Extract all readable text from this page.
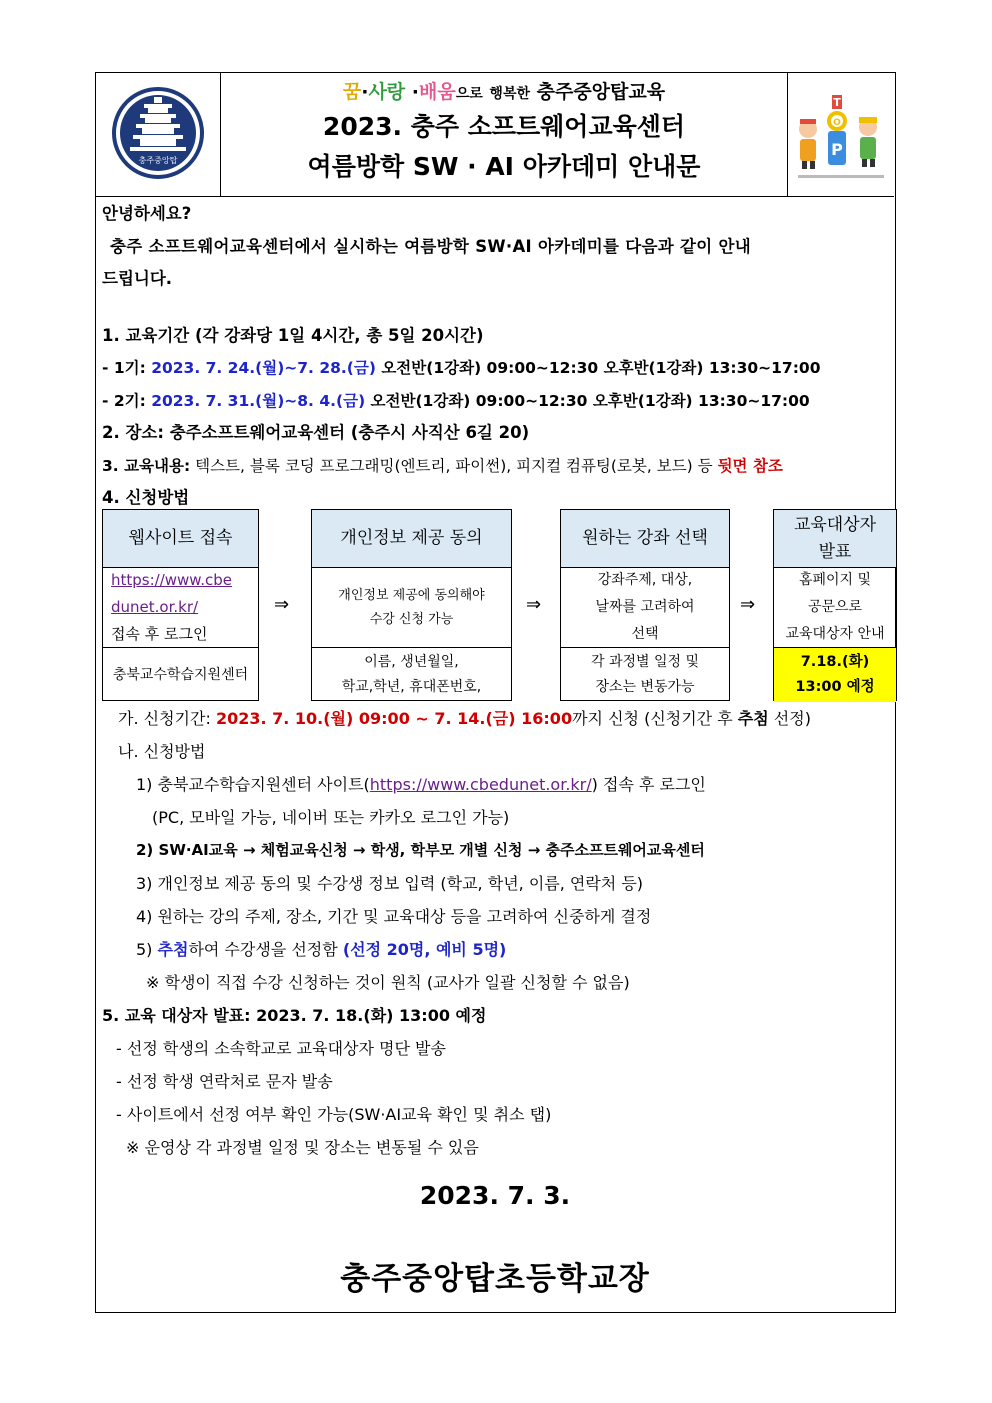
충주중앙탑
꿈·사랑 ·배움으로 행복한 충주중앙탑교육
2023. 충주 소프트웨어교육센터
여름방학 SW · AI 아카데미 안내문
T
O
P
안녕하세요?
충주 소프트웨어교육센터에서 실시하는 여름방학 SW·AI 아카데미를 다음과 같이 안내
드립니다.
1. 교육기간 (각 강좌당 1일 4시간, 총 5일 20시간)
- 1기: 2023. 7. 24.(월)~7. 28.(금) 오전반(1강좌) 09:00~12:30 오후반(1강좌) 13:30~17:00
- 2기: 2023. 7. 31.(월)~8. 4.(금) 오전반(1강좌) 09:00~12:30 오후반(1강좌) 13:30~17:00
2. 장소: 충주소프트웨어교육센터 (충주시 사직산 6길 20)
3. 교육내용: 텍스트, 블록 코딩 프로그래밍(엔트리, 파이썬), 피지컬 컴퓨팅(로봇, 보드) 등 뒷면 참조
4. 신청방법
웹사이트 접속
https://www.cbe
dunet.or.kr/
접속 후 로그인
충북교수학습지원센터
⇒
개인정보 제공 동의
개인정보 제공에 동의해야
수강 신청 가능
이름, 생년월일,
학교,학년, 휴대폰번호,
⇒
원하는 강좌 선택
강좌주제, 대상,
날짜를 고려하여
선택
각 과정별 일정 및
장소는 변동가능
⇒
교육대상자
발표
홈페이지 및
공문으로
교육대상자 안내
7.18.(화)
13:00 예정
가. 신청기간: 2023. 7. 10.(월) 09:00 ~ 7. 14.(금) 16:00까지 신청 (신청기간 후 추첨 선정)
나. 신청방법
1) 충북교수학습지원센터 사이트(https://www.cbedunet.or.kr/) 접속 후 로그인
(PC, 모바일 가능, 네이버 또는 카카오 로그인 가능)
2) SW·AI교육 → 체험교육신청 → 학생, 학부모 개별 신청 → 충주소프트웨어교육센터
3) 개인정보 제공 동의 및 수강생 정보 입력 (학교, 학년, 이름, 연락처 등)
4) 원하는 강의 주제, 장소, 기간 및 교육대상 등을 고려하여 신중하게 결정
5) 추첨하여 수강생을 선정함 (선정 20명, 예비 5명)
※ 학생이 직접 수강 신청하는 것이 원칙 (교사가 일괄 신청할 수 없음)
5. 교육 대상자 발표: 2023. 7. 18.(화) 13:00 예정
- 선정 학생의 소속학교로 교육대상자 명단 발송
- 선정 학생 연락처로 문자 발송
- 사이트에서 선정 여부 확인 가능(SW·AI교육 확인 및 취소 탭)
※ 운영상 각 과정별 일정 및 장소는 변동될 수 있음
2023. 7. 3.
충주중앙탑초등학교장
